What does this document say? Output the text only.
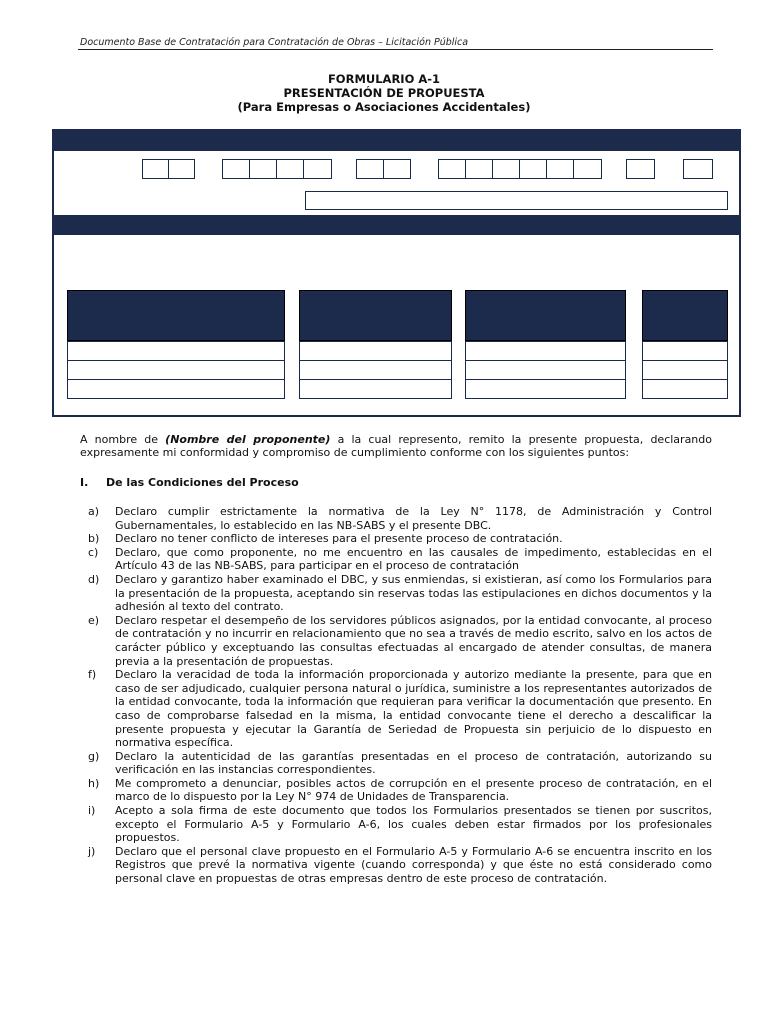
Documento Base de Contratación para Contratación de Obras – Licitación Pública
FORMULARIO A-1
PRESENTACIÓN DE PROPUESTA
(Para Empresas o Asociaciones Accidentales)
A nombre de (Nombre del proponente) a la cual represento, remito la presente propuesta, declarando expresamente mi conformidad y compromiso de cumplimiento conforme con los siguientes puntos:
I. De las Condiciones del Proceso
a)	Declaro cumplir estrictamente la normativa de la Ley N° 1178, de Administración y Control Gubernamentales, lo establecido en las NB-SABS y el presente DBC.
b)	Declaro no tener conflicto de intereses para el presente proceso de contratación.
c)	Declaro, que como proponente, no me encuentro en las causales de impedimento, establecidas en el Artículo 43 de las NB-SABS, para participar en el proceso de contratación
d)	Declaro y garantizo haber examinado el DBC, y sus enmiendas, si existieran, así como los Formularios para la presentación de la propuesta, aceptando sin reservas todas las estipulaciones en dichos documentos y la adhesión al texto del contrato.
e)	Declaro respetar el desempeño de los servidores públicos asignados, por la entidad convocante, al proceso de contratación y no incurrir en relacionamiento que no sea a través de medio escrito, salvo en los actos de carácter público y exceptuando las consultas efectuadas al encargado de atender consultas, de manera previa a la presentación de propuestas.
f)	Declaro la veracidad de toda la información proporcionada y autorizo mediante la presente, para que en caso de ser adjudicado, cualquier persona natural o jurídica, suministre a los representantes autorizados de la entidad convocante, toda la información que requieran para verificar la documentación que presento. En caso de comprobarse falsedad en la misma, la entidad convocante tiene el derecho a descalificar la presente propuesta y ejecutar la Garantía de Seriedad de Propuesta sin perjuicio de lo dispuesto en normativa específica.
g)	Declaro la autenticidad de las garantías presentadas en el proceso de contratación, autorizando su verificación en las instancias correspondientes.
h)	Me comprometo a denunciar, posibles actos de corrupción en el presente proceso de contratación, en el marco de lo dispuesto por la Ley N° 974 de Unidades de Transparencia.
i)	Acepto a sola firma de este documento que todos los Formularios presentados se tienen por suscritos, excepto el Formulario A-5 y Formulario A-6, los cuales deben estar firmados por los profesionales propuestos.
j)	Declaro que el personal clave propuesto en el Formulario A-5 y Formulario A-6 se encuentra inscrito en los Registros que prevé la normativa vigente (cuando corresponda) y que éste no está considerado como personal clave en propuestas de otras empresas dentro de este proceso de contratación.
